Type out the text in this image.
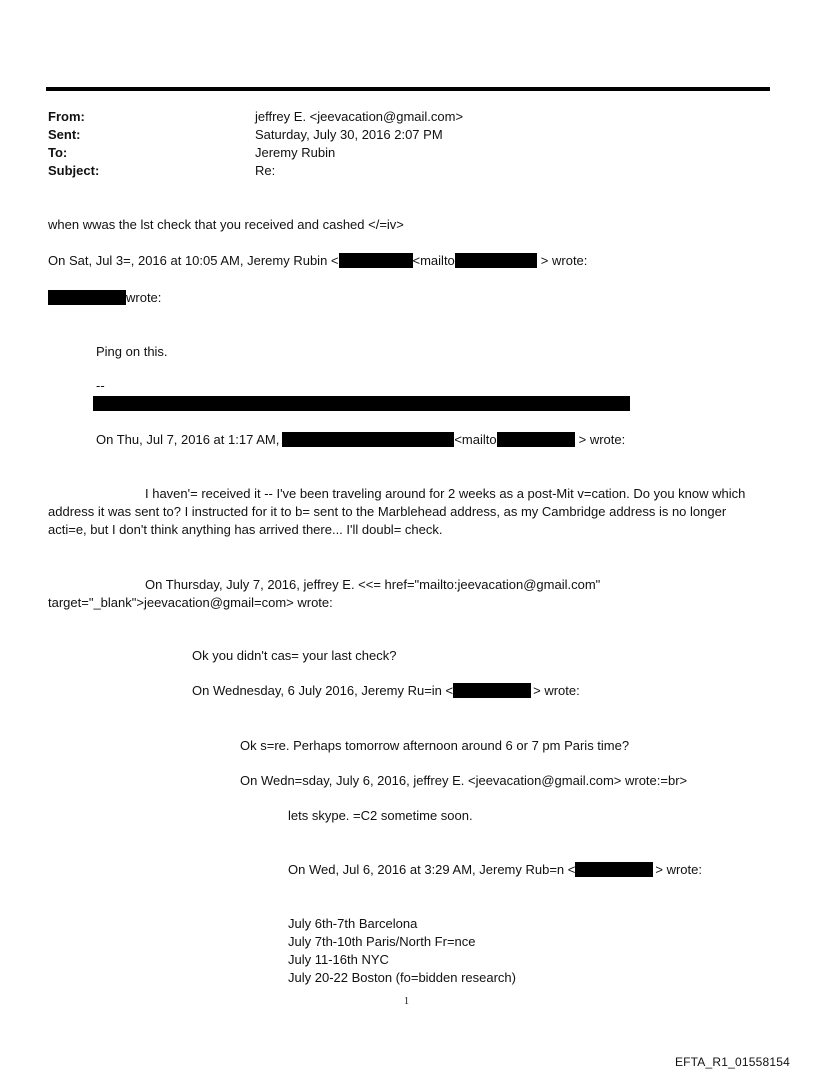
From:	jeffrey E. <jeevacation@gmail.com>
Sent:	Saturday, July 30, 2016 2:07 PM
To:	Jeremy Rubin
Subject:	Re:
when wwas the lst check that you received and cashed </=iv>
On Sat, Jul 3=, 2016 at 10:05 AM, Jeremy Rubin <	<mailto	> wrote:
wrote:
Ping on this.
--
On Thu, Jul 7, 2016 at 1:17 AM,	<mailto	> wrote:
I haven'= received it -- I've been traveling around for 2 weeks as a post-Mit v=cation. Do you know which
address it was sent to? I instructed for it to b= sent to the Marblehead address, as my Cambridge address is no longer
acti=e, but I don't think anything has arrived there... I'll doubl= check.
On Thursday, July 7, 2016, jeffrey E. <<= href="mailto:jeevacation@gmail.com"
target="_blank">jeevacation@gmail=com> wrote:
Ok you didn't cas= your last check?
On Wednesday, 6 July 2016, Jeremy Ru=in <	> wrote:
Ok s=re. Perhaps tomorrow afternoon around 6 or 7 pm Paris time?
On Wedn=sday, July 6, 2016, jeffrey E. <jeevacation@gmail.com> wrote:=br>
lets skype. =C2 sometime soon.
On Wed, Jul 6, 2016 at 3:29 AM, Jeremy Rub=n <	> wrote:
July 6th-7th Barcelona
July 7th-10th Paris/North Fr=nce
July 11-16th NYC
July 20-22 Boston (fo=bidden research)
1
EFTA_R1_01558154
